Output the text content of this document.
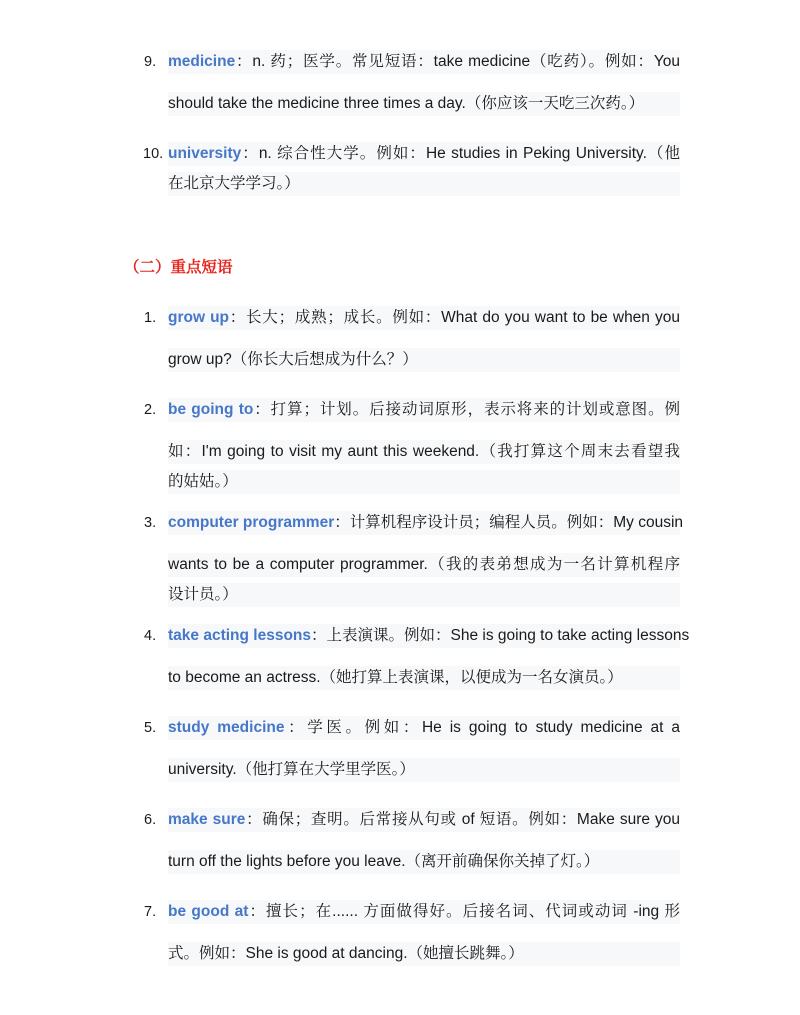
9. medicine：n. 药；医学。常见短语：take medicine（吃药）。例如：You
should take the medicine three times a day.（你应该一天吃三次药。）
10. university：n. 综合性大学。例如：He studies in Peking University.（他
在北京大学学习。）
（二）重点短语
1. grow up：长大；成熟；成长。例如：What do you want to be when you
grow up?（你长大后想成为什么？）
2. be going to：打算；计划。后接动词原形，表示将来的计划或意图。例
如：I'm going to visit my aunt this weekend.（我打算这个周末去看望我
的姑姑。）
3. computer programmer：计算机程序设计员；编程人员。例如：My cousin
wants to be a computer programmer.（我的表弟想成为一名计算机程序
设计员。）
4. take acting lessons：上表演课。例如：She is going to take acting lessons
to become an actress.（她打算上表演课，以便成为一名女演员。）
5. study medicine：学医。例如：He is going to study medicine at a
university.（他打算在大学里学医。）
6. make sure：确保；查明。后常接从句或 of 短语。例如：Make sure you
turn off the lights before you leave.（离开前确保你关掉了灯。）
7. be good at：擅长；在...... 方面做得好。后接名词、代词或动词 -ing 形
式。例如：She is good at dancing.（她擅长跳舞。）
